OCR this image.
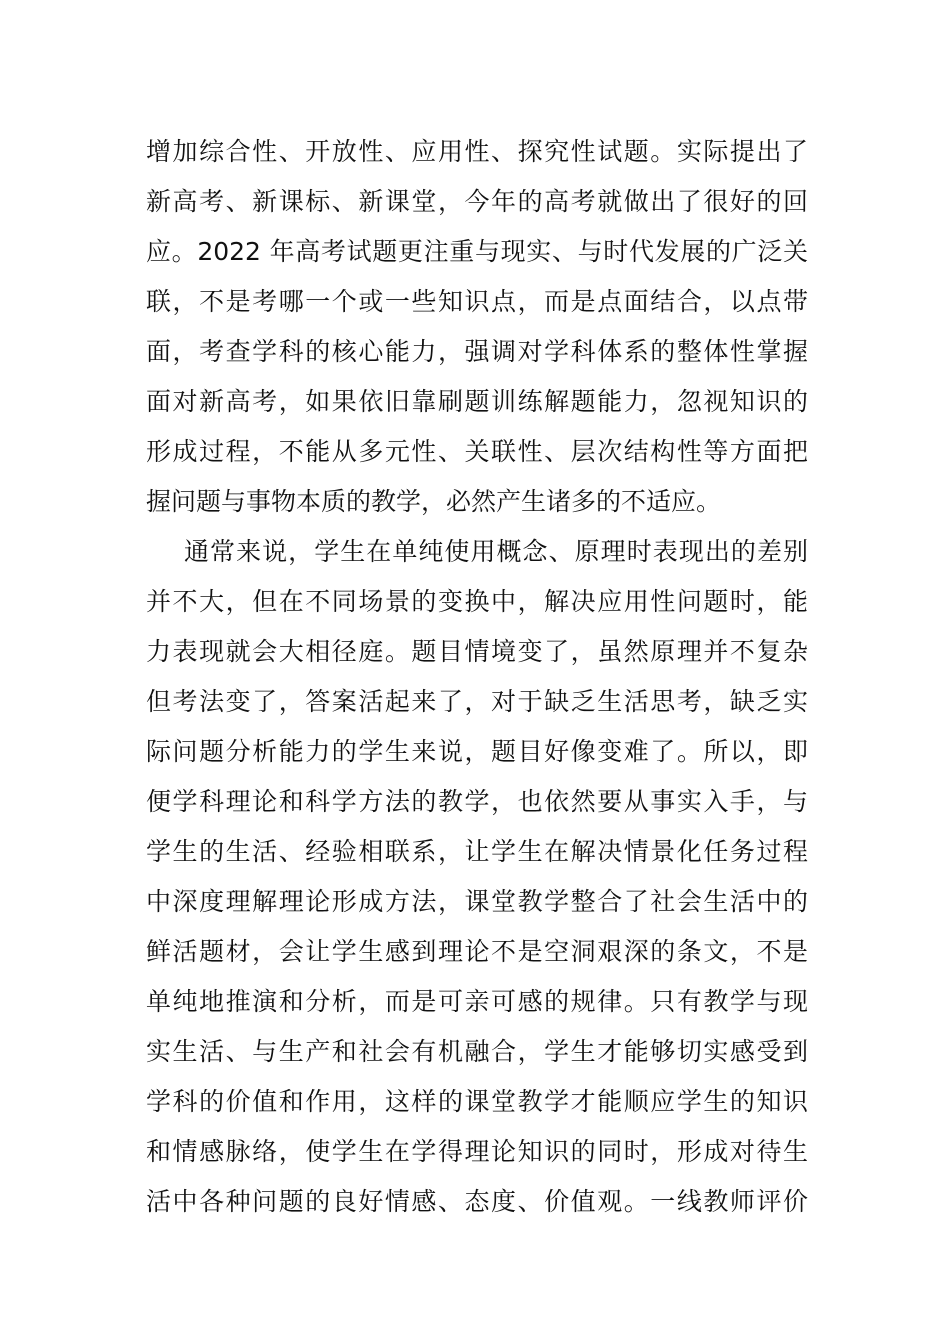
增加综合性、开放性、应用性、探究性试题。实际提出了
新高考、新课标、新课堂，今年的高考就做出了很好的回
应。2022 年高考试题更注重与现实、与时代发展的广泛关
联，不是考哪一个或一些知识点，而是点面结合，以点带
面，考查学科的核心能力，强调对学科体系的整体性掌握
面对新高考，如果依旧靠刷题训练解题能力，忽视知识的
形成过程，不能从多元性、关联性、层次结构性等方面把
握问题与事物本质的教学，必然产生诸多的不适应。
通常来说，学生在单纯使用概念、原理时表现出的差别
并不大，但在不同场景的变换中，解决应用性问题时，能
力表现就会大相径庭。题目情境变了，虽然原理并不复杂
但考法变了，答案活起来了，对于缺乏生活思考，缺乏实
际问题分析能力的学生来说，题目好像变难了。所以，即
便学科理论和科学方法的教学，也依然要从事实入手，与
学生的生活、经验相联系，让学生在解决情景化任务过程
中深度理解理论形成方法，课堂教学整合了社会生活中的
鲜活题材，会让学生感到理论不是空洞艰深的条文，不是
单纯地推演和分析，而是可亲可感的规律。只有教学与现
实生活、与生产和社会有机融合，学生才能够切实感受到
学科的价值和作用，这样的课堂教学才能顺应学生的知识
和情感脉络，使学生在学得理论知识的同时，形成对待生
活中各种问题的良好情感、态度、价值观。一线教师评价
